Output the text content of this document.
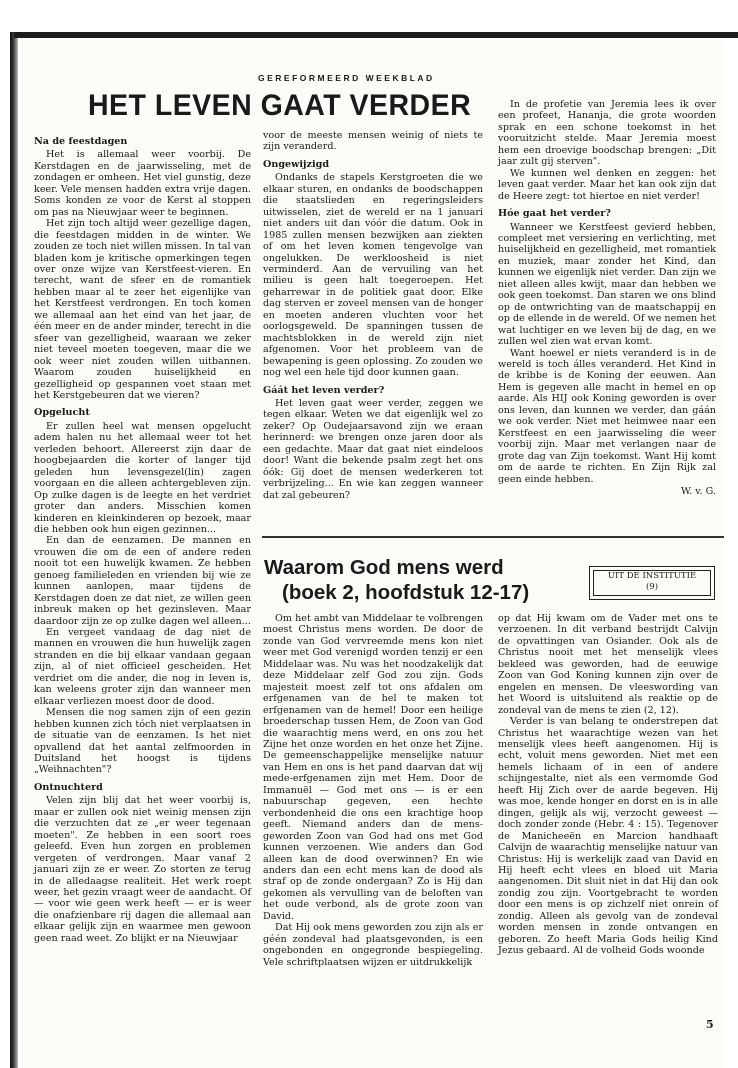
GEREFORMEERD WEEKBLAD
HET LEVEN GAAT VERDER
Na de feestdagen

Het is allemaal weer voorbij. De Kerstdagen en de jaarwisseling, met de zondagen er omheen. Het viel gunstig, deze keer. Vele mensen hadden extra vrije dagen. Soms konden ze voor de Kerst al stoppen om pas na Nieuwjaar weer te beginnen.

Het zijn toch altijd weer gezellige dagen, die feestdagen midden in de winter. We zouden ze toch niet willen missen. In tal van bladen kom je kritische opmerkingen tegen over onze wijze van Kerstfeest-vieren. En terecht, want de sfeer en de romantiek hebben maar al te zeer het eigenlijke van het Kerstfeest verdrongen. En toch komen we allemaal aan het eind van het jaar, de één meer en de ander minder, terecht in die sfeer van gezelligheid, waaraan we zeker niet teveel moeten toegeven, maar die we ook weer niet zouden willen uitbannen. Waarom zouden huiselijkheid en gezelligheid op gespannen voet staan met het Kerstgebeuren dat we vieren?

Opgelucht

Er zullen heel wat mensen opgelucht adem halen nu het allemaal weer tot het verleden behoort. Allereerst zijn daar de hoogbejaarden die korter of langer tijd geleden hun levensgezel(lin) zagen voorgaan en die alleen achtergebleven zijn. Op zulke dagen is de leegte en het verdriet groter dan anders. Misschien komen kinderen en kleinkinderen op bezoek, maar die hebben ook hun eigen gezinnen...

En dan de eenzamen. De mannen en vrouwen die om de een of andere reden nooit tot een huwelijk kwamen. Ze hebben genoeg familieleden en vrienden bij wie ze kunnen aanlopen, maar tijdens de Kerstdagen doen ze dat niet, ze willen geen inbreuk maken op het gezinsleven. Maar daardoor zijn ze op zulke dagen wel alleen...

En vergeet vandaag de dag niet de mannen en vrouwen die hun huwelijk zagen stranden en die bij elkaar vandaan gegaan zijn, al of niet officieel gescheiden. Het verdriet om die ander, die nog in leven is, kan weleens groter zijn dan wanneer men elkaar verliezen moest door de dood.

Mensen die nog samen zijn of een gezin hebben kunnen zich tóch niet verplaatsen in de situatie van de eenzamen. Is het niet opvallend dat het aantal zelfmoorden in Duitsland het hoogst is tijdens „Weihnachten"?

Ontnuchterd

Velen zijn blij dat het weer voorbij is, maar er zullen ook niet weinig mensen zijn die verzuchten dat ze „er weer tegenaan moeten". Ze hebben in een soort roes geleefd. Even hun zorgen en problemen vergeten of verdrongen. Maar vanaf 2 januari zijn ze er weer. Zo storten ze terug in de alledaagse realiteit. Het werk roept weer, het gezin vraagt weer de aandacht. Of — voor wie geen werk heeft — er is weer die onafzienbare rij dagen die allemaal aan elkaar gelijk zijn en waarmee men gewoon geen raad weet. Zo blijkt er na Nieuwjaar

voor de meeste mensen weinig of niets te zijn veranderd.

Ongewijzigd

Ondanks de stapels Kerstgroeten die we elkaar sturen, en ondanks de boodschappen die staatslieden en regeringsleiders uitwisselen, ziet de wereld er na 1 januari niet anders uit dan vóór die datum. Ook in 1985 zullen mensen bezwijken aan ziekten of om het leven komen tengevolge van ongelukken. De werkloosheid is niet verminderd. Aan de vervuiling van het milieu is geen halt toegeroepen. Het geharrewar in de politiek gaat door. Elke dag sterven er zoveel mensen van de honger en moeten anderen vluchten voor het oorlogsgeweld. De spanningen tussen de machtsblokken in de wereld zijn niet afgenomen. Voor het probleem van de bewapening is geen oplossing. Zo zouden we nog wel een hele tijd door kunnen gaan.

Gáát het leven verder?

Het leven gaat weer verder, zeggen we tegen elkaar. Weten we dat eigenlijk wel zo zeker? Op Oudejaarsavond zijn we eraan herinnerd: we brengen onze jaren door als een gedachte. Maar dat gaat niet eindeloos door! Want die bekende psalm zegt het ons óók: Gij doet de mensen wederkeren tot verbrijzeling... En wie kan zeggen wanneer dat zal gebeuren?

In de profetie van Jeremia lees ik over een profeet, Hananja, die grote woorden sprak en een schone toekomst in het vooruitzicht stelde. Maar Jeremia moest hem een droevige boodschap brengen: „Dit jaar zult gij sterven".

We kunnen wel denken en zeggen: het leven gaat verder. Maar het kan ook zijn dat de Heere zegt: tot hiertoe en niet verder!

Hóe gaat het verder?

Wanneer we Kerstfeest gevierd hebben, compleet met versiering en verlichting, met huiselijkheid en gezelligheid, met romantiek en muziek, maar zonder het Kind, dan kunnen we eigenlijk niet verder. Dan zijn we niet alleen alles kwijt, maar dan hebben we ook geen toekomst. Dan staren we ons blind op de ontwrichting van de maatschappij en op de ellende in de wereld. Of we nemen het wat luchtiger en we leven bij de dag, en we zullen wel zien wat ervan komt.

Want hoewel er niets veranderd is in de wereld is toch álles veranderd. Het Kind in de kribbe is de Koning der eeuwen. Aan Hem is gegeven alle macht in hemel en op aarde. Als HIJ ook Koning geworden is over ons leven, dan kunnen we verder, dan gáán we ook verder. Niet met heimwee naar een Kerstfeest en een jaarwisseling die weer voorbij zijn. Maar met verlangen naar de grote dag van Zijn toekomst. Want Hij komt om de aarde te richten. En Zijn Rijk zal geen einde hebben.

W. v. G.

Waarom God mens werd
(boek 2, hoofdstuk 12-17)
UIT DE INSTITUTIE
(9)

Om het ambt van Middelaar te volbrengen moest Christus mens worden. De door de zonde van God vervreemde mens kon niet weer met God verenigd worden tenzij er een Middelaar was. Nu was het noodzakelijk dat deze Middelaar zelf God zou zijn. Gods majesteit moest zelf tot ons afdalen om erfgenamen van de hel te maken tot erfgenamen van de hemel! Door een heilige broederschap tussen Hem, de Zoon van God die waarachtig mens werd, en ons zou het Zijne het onze worden en het onze het Zijne. De gemeenschappelijke menselijke natuur van Hem en ons is het pand daarvan dat wij mede-erfgenamen zijn met Hem. Door de Immanuël — God met ons — is er een nabuurschap gegeven, een hechte verbondenheid die ons een krachtige hoop geeft. Niemand anders dan de mens-geworden Zoon van God had ons met God kunnen verzoenen. Wie anders dan God alleen kan de dood overwinnen? En wie anders dan een echt mens kan de dood als straf op de zonde ondergaan? Zo is Hij dan gekomen als vervulling van de beloften van het oude verbond, als de grote zoon van David.

Dat Hij ook mens geworden zou zijn als er géén zondeval had plaatsgevonden, is een ongebonden en ongegronde bespiegeling. Vele schriftplaatsen wijzen er uitdrukkelijk

op dat Hij kwam om de Vader met ons te verzoenen. In dit verband bestrijdt Calvijn de opvattingen van Osiander. Ook als de Christus nooit met het menselijk vlees bekleed was geworden, had de eeuwige Zoon van God Koning kunnen zijn over de engelen en mensen. De vleeswording van het Woord is uitsluitend als reaktie op de zondeval van de mens te zien (2, 12).

Verder is van belang te onderstrepen dat Christus het waarachtige wezen van het menselijk vlees heeft aangenomen. Hij is echt, voluit mens geworden. Niet met een hemels lichaam of in een of andere schijngestalte, niet als een vermomde God heeft Hij Zich over de aarde begeven. Hij was moe, kende honger en dorst en is in alle dingen, gelijk als wij, verzocht geweest — doch zonder zonde (Hebr. 4 : 15). Tegenover de Manicheeën en Marcion handhaaft Calvijn de waarachtig menselijke natuur van Christus: Hij is werkelijk zaad van David en Hij heeft echt vlees en bloed uit Maria aangenomen. Dit sluit niet in dat Hij dan ook zondig zou zijn. Voortgebracht te worden door een mens is op zichzelf niet onrein of zondig. Alleen als gevolg van de zondeval worden mensen in zonde ontvangen en geboren. Zo heeft Maria Gods heilig Kind Jezus gebaard. Al de volheid Gods woonde

5
